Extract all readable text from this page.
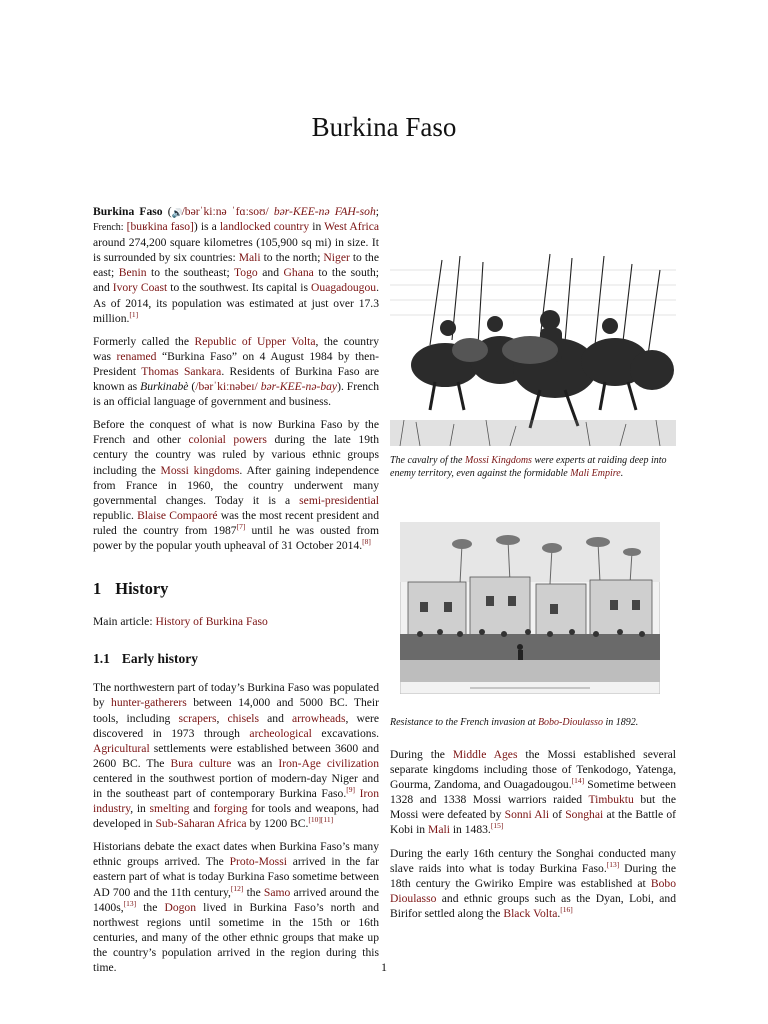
Burkina Faso

Burkina Faso (🔊/bərˈkiːnə ˈfɑːsoʊ/ bər-KEE-nə FAH-soh; French: [buʁkina faso]) is a landlocked country in West Africa around 274,200 square kilometres (105,900 sq mi) in size. It is surrounded by six countries: Mali to the north; Niger to the east; Benin to the southeast; Togo and Ghana to the south; and Ivory Coast to the southwest. Its capital is Ouagadougou. As of 2014, its population was estimated at just over 17.3 million.[1]

Formerly called the Republic of Upper Volta, the country was renamed “Burkina Faso” on 4 August 1984 by then-President Thomas Sankara. Residents of Burkina Faso are known as Burkinabè (/bərˈkiːnəbeɪ/ bər-KEE-nə-bay). French is an official language of government and business.

Before the conquest of what is now Burkina Faso by the French and other colonial powers during the late 19th century the country was ruled by various ethnic groups including the Mossi kingdoms. After gaining independence from France in 1960, the country underwent many governmental changes. Today it is a semi-presidential republic. Blaise Compaoré was the most recent president and ruled the country from 1987[7] until he was ousted from power by the popular youth upheaval of 31 October 2014.[8]

1 History

Main article: History of Burkina Faso

1.1 Early history

The northwestern part of today’s Burkina Faso was populated by hunter-gatherers between 14,000 and 5000 BC. Their tools, including scrapers, chisels and arrowheads, were discovered in 1973 through archeological excavations. Agricultural settlements were established between 3600 and 2600 BC. The Bura culture was an Iron-Age civilization centered in the southwest portion of modern-day Niger and in the southeast part of contemporary Burkina Faso.[9] Iron industry, in smelting and forging for tools and weapons, had developed in Sub-Saharan Africa by 1200 BC.[10][11]

Historians debate the exact dates when Burkina Faso’s many ethnic groups arrived. The Proto-Mossi arrived in the far eastern part of what is today Burkina Faso sometime between AD 700 and the 11th century,[12] the Samo arrived around the 1400s,[13] the Dogon lived in Burkina Faso’s north and northwest regions until sometime in the 15th or 16th centuries, and many of the other ethnic groups that make up the country’s population arrived in the region during this time.

The cavalry of the Mossi Kingdoms were experts at raiding deep into enemy territory, even against the formidable Mali Empire.
Resistance to the French invasion at Bobo-Dioulasso in 1892.

During the Middle Ages the Mossi established several separate kingdoms including those of Tenkodogo, Yatenga, Gourma, Zandoma, and Ouagadougou.[14] Sometime between 1328 and 1338 Mossi warriors raided Timbuktu but the Mossi were defeated by Sonni Ali of Songhai at the Battle of Kobi in Mali in 1483.[15]

During the early 16th century the Songhai conducted many slave raids into what is today Burkina Faso.[13] During the 18th century the Gwiriko Empire was established at Bobo Dioulasso and ethnic groups such as the Dyan, Lobi, and Birifor settled along the Black Volta.[16]

1
